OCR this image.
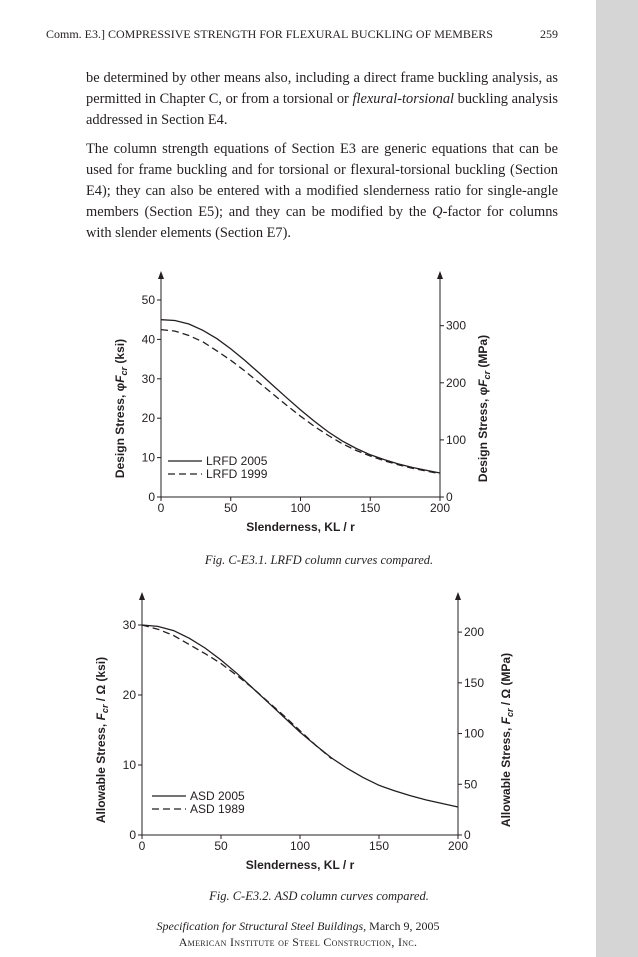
Comm. E3.] COMPRESSIVE STRENGTH FOR FLEXURAL BUCKLING OF MEMBERS	259
be determined by other means also, including a direct frame buckling analysis, as permitted in Chapter C, or from a torsional or flexural-torsional buckling analysis addressed in Section E4.
The column strength equations of Section E3 are generic equations that can be used for frame buckling and for torsional or flexural-torsional buckling (Section E4); they can also be entered with a modified slenderness ratio for single-angle members (Section E5); and they can be modified by the Q-factor for columns with slender elements (Section E7).
0	50	100	150	200
0
10
20
30
40
50
0
100
200
300
Slenderness, KL / r
Design Stress, $\varphi F_{cr}$ (ksi)
Design Stress, $\varphi F_{cr}$ (MPa)
LRFD 2005
LRFD 1999
Fig. C-E3.1. LRFD column curves compared.
0	50	100	150	200
0
10
20
30
0
50
100
150
200
Slenderness, KL / r
Allowable Stress, $F_{cr}$ / Ω (ksi)
Allowable Stress, $F_{cr}$ / Ω (MPa)
ASD 2005
ASD 1989
Fig. C-E3.2. ASD column curves compared.
Specification for Structural Steel Buildings, March 9, 2005
American Institute of Steel Construction, Inc.
